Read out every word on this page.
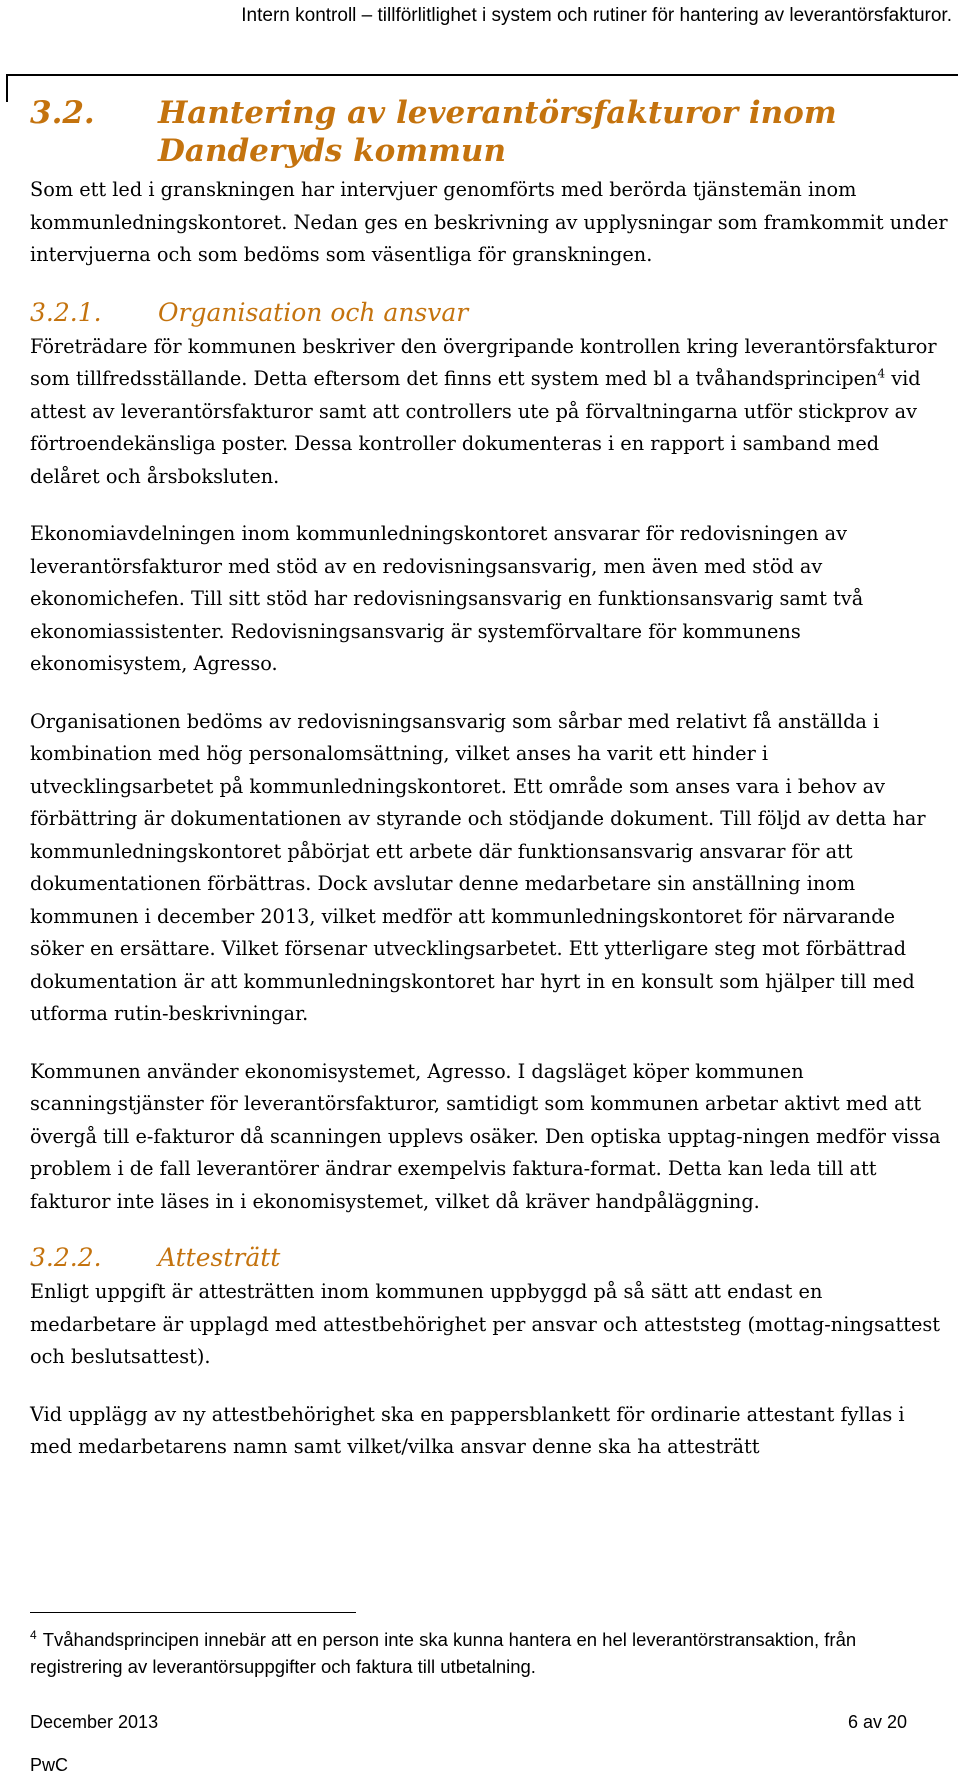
Intern kontroll – tillförlitlighet i system och rutiner för hantering av leverantörsfakturor.
3.2.	Hantering av leverantörsfakturor inom
Danderyds kommun

Som ett led i granskningen har intervjuer genomförts med berörda tjänstemän inom kommunledningskontoret. Nedan ges en beskrivning av upplysningar som framkommit under intervjuerna och som bedöms som väsentliga för granskningen.

3.2.1.	Organisation och ansvar

Företrädare för kommunen beskriver den övergripande kontrollen kring leverantörsfakturor som tillfredsställande. Detta eftersom det finns ett system med bl a tvåhandsprincipen$^4$ vid attest av leverantörsfakturor samt att controllers ute på förvaltningarna utför stickprov av förtroendekänsliga poster. Dessa kontroller dokumenteras i en rapport i samband med delåret och årsboksluten.

Ekonomiavdelningen inom kommunledningskontoret ansvarar för redovisningen av leverantörsfakturor med stöd av en redovisningsansvarig, men även med stöd av ekonomichefen. Till sitt stöd har redovisningsansvarig en funktionsansvarig samt två ekonomiassistenter. Redovisningsansvarig är systemförvaltare för kommunens ekonomisystem, Agresso.

Organisationen bedöms av redovisningsansvarig som sårbar med relativt få anställda i kombination med hög personalomsättning, vilket anses ha varit ett hinder i utvecklingsarbetet på kommunledningskontoret. Ett område som anses vara i behov av förbättring är dokumentationen av styrande och stödjande dokument. Till följd av detta har kommunledningskontoret påbörjat ett arbete där funktionsansvarig ansvarar för att dokumentationen förbättras. Dock avslutar denne medarbetare sin anställning inom kommunen i december 2013, vilket medför att kommunledningskontoret för närvarande söker en ersättare. Vilket försenar utvecklingsarbetet. Ett ytterligare steg mot förbättrad dokumentation är att kommunledningskontoret har hyrt in en konsult som hjälper till med utforma rutin-beskrivningar.

Kommunen använder ekonomisystemet, Agresso. I dagsläget köper kommunen scanningstjänster för leverantörsfakturor, samtidigt som kommunen arbetar aktivt med att övergå till e-fakturor då scanningen upplevs osäker. Den optiska upptag-ningen medför vissa problem i de fall leverantörer ändrar exempelvis faktura-format. Detta kan leda till att fakturor inte läses in i ekonomisystemet, vilket då kräver handpåläggning.

3.2.2.	Attesträtt

Enligt uppgift är attesträtten inom kommunen uppbyggd på så sätt att endast en medarbetare är upplagd med attestbehörighet per ansvar och atteststeg (mottag-ningsattest och beslutsattest).

Vid upplägg av ny attestbehörighet ska en pappersblankett för ordinarie attestant fyllas i med medarbetarens namn samt vilket/vilka ansvar denne ska ha attesträtt

$^4$ Tvåhandsprincipen innebär att en person inte ska kunna hantera en hel leverantörstransaktion, från registrering av leverantörsuppgifter och faktura till utbetalning.
December 2013	6 av 20
PwC
